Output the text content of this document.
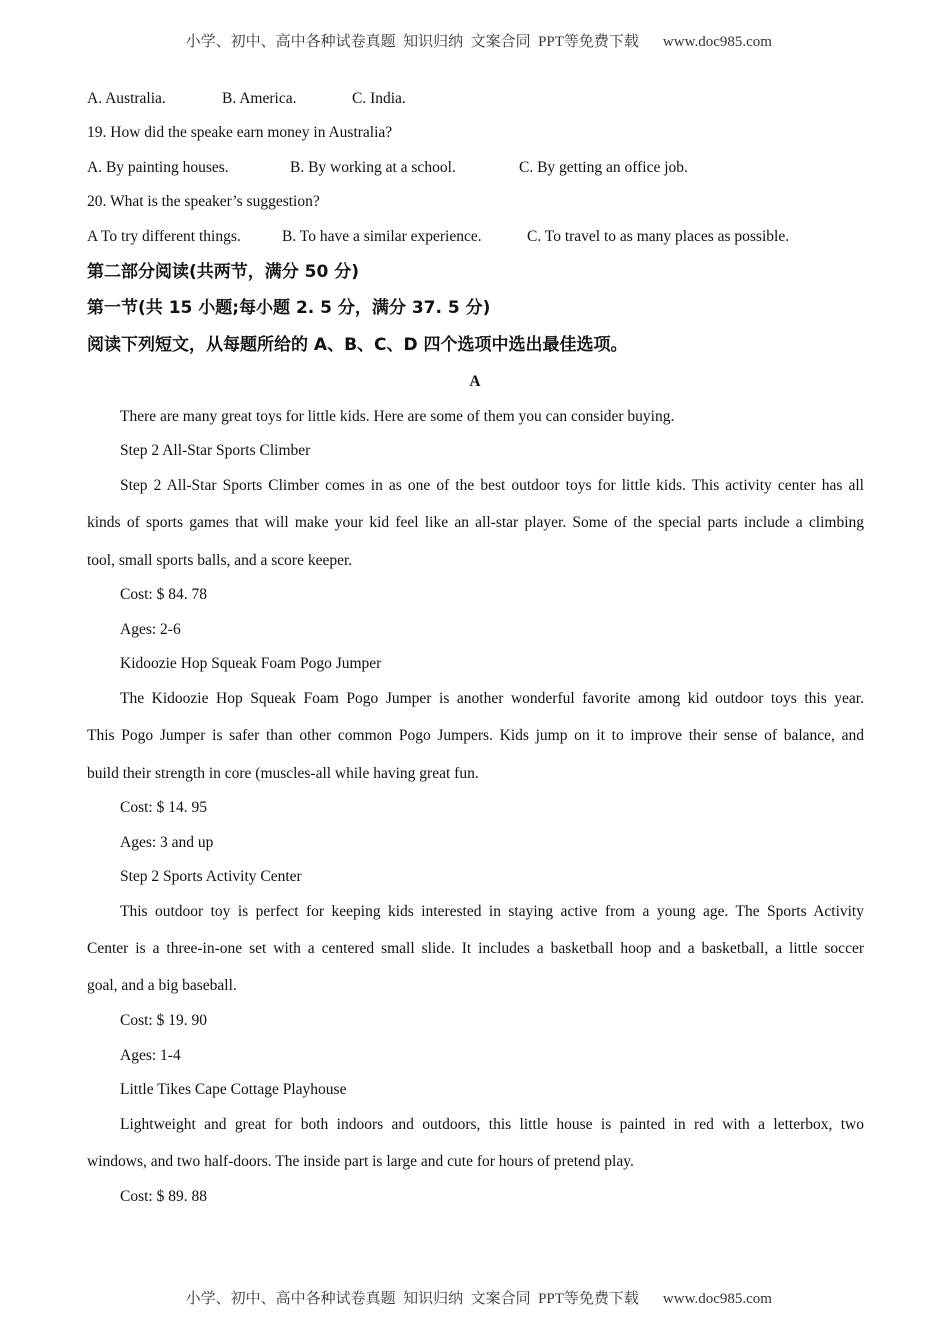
小学、初中、高中各种试卷真题  知识归纳  文案合同  PPT等免费下载 www.doc985.com

A. Australia.	B. America.	C. India.
19. How did the speake earn money in Australia?
A. By painting houses.	B. By working at a school.	C. By getting an office job.
20. What is the speaker’s suggestion?
A To try different things.	B. To have a similar experience.	C. To travel to as many places as possible.
第二部分阅读(共两节，满分 50 分)
第一节(共 15 小题;每小题 2. 5 分，满分 37. 5 分)
阅读下列短文，从每题所给的 A、B、C、D 四个选项中选出最佳选项。
A
There are many great toys for little kids. Here are some of them you can consider buying.
Step 2 All-Star Sports Climber
Step 2 All-Star Sports Climber comes in as one of the best outdoor toys for little kids. This activity center has all
kinds of sports games that will make your kid feel like an all-star player. Some of the special parts include a climbing
tool, small sports balls, and a score keeper.
Cost: $ 84. 78
Ages: 2-6
Kidoozie Hop Squeak Foam Pogo Jumper
The Kidoozie Hop Squeak Foam Pogo Jumper is another wonderful favorite among kid outdoor toys this year.
This Pogo Jumper is safer than other common Pogo Jumpers. Kids jump on it to improve their sense of balance, and
build their strength in core (muscles-all while having great fun.
Cost: $ 14. 95
Ages: 3 and up
Step 2 Sports Activity Center
This outdoor toy is perfect for keeping kids interested in staying active from a young age. The Sports Activity
Center is a three-in-one set with a centered small slide. It includes a basketball hoop and a basketball, a little soccer
goal, and a big baseball.
Cost: $ 19. 90
Ages: 1-4
Little Tikes Cape Cottage Playhouse
Lightweight and great for both indoors and outdoors, this little house is painted in red with a letterbox, two
windows, and two half-doors. The inside part is large and cute for hours of pretend play.
Cost: $ 89. 88

小学、初中、高中各种试卷真题  知识归纳  文案合同  PPT等免费下载 www.doc985.com
